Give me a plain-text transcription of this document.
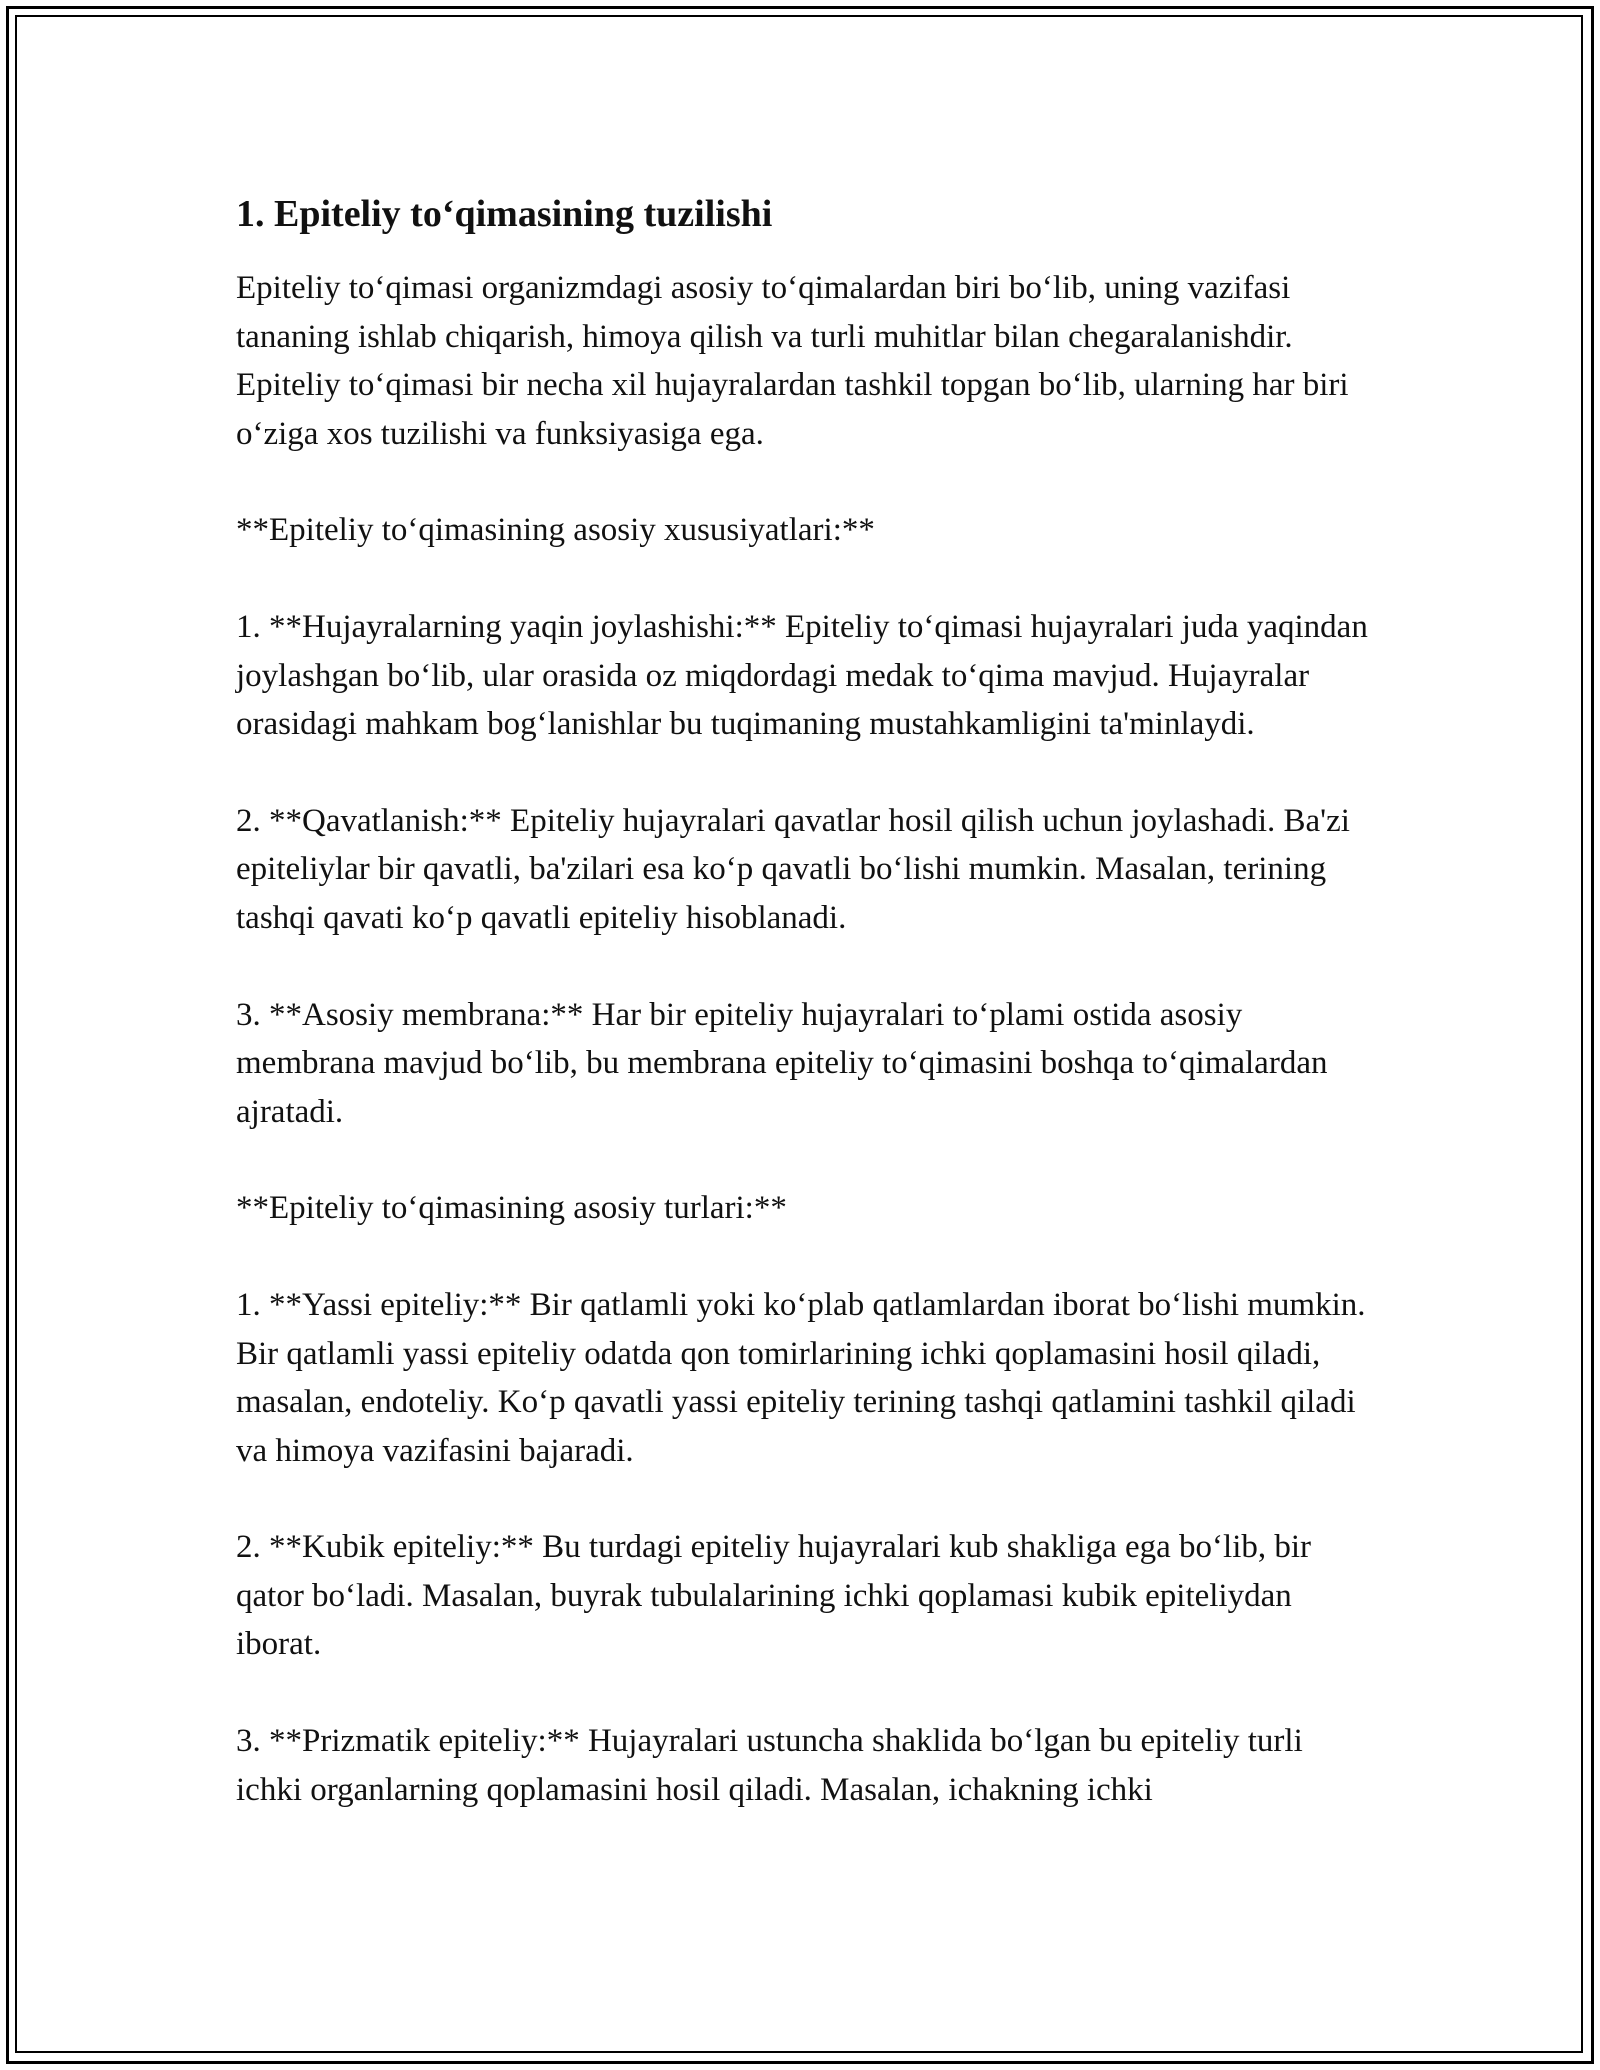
1. Epiteliy to‘qimasining tuzilishi

Epiteliy to‘qimasi organizmdagi asosiy to‘qimalardan biri bo‘lib, uning vazifasi tananing ishlab chiqarish, himoya qilish va turli muhitlar bilan chegaralanishdir. Epiteliy to‘qimasi bir necha xil hujayralardan tashkil topgan bo‘lib, ularning har biri o‘ziga xos tuzilishi va funksiyasiga ega.

**Epiteliy to‘qimasining asosiy xususiyatlari:**

1. **Hujayralarning yaqin joylashishi:** Epiteliy to‘qimasi hujayralari juda yaqindan joylashgan bo‘lib, ular orasida oz miqdordagi medak to‘qima mavjud. Hujayralar orasidagi mahkam bog‘lanishlar bu tuqimaning mustahkamligini ta'minlaydi.

2. **Qavatlanish:** Epiteliy hujayralari qavatlar hosil qilish uchun joylashadi. Ba'zi epiteliylar bir qavatli, ba'zilari esa ko‘p qavatli bo‘lishi mumkin. Masalan, terining tashqi qavati ko‘p qavatli epiteliy hisoblanadi.

3. **Asosiy membrana:** Har bir epiteliy hujayralari to‘plami ostida asosiy membrana mavjud bo‘lib, bu membrana epiteliy to‘qimasini boshqa to‘qimalardan ajratadi.

**Epiteliy to‘qimasining asosiy turlari:**

1. **Yassi epiteliy:** Bir qatlamli yoki ko‘plab qatlamlardan iborat bo‘lishi mumkin. Bir qatlamli yassi epiteliy odatda qon tomirlarining ichki qoplamasini hosil qiladi, masalan, endoteliy. Ko‘p qavatli yassi epiteliy terining tashqi qatlamini tashkil qiladi va himoya vazifasini bajaradi.

2. **Kubik epiteliy:** Bu turdagi epiteliy hujayralari kub shakliga ega bo‘lib, bir qator bo‘ladi. Masalan, buyrak tubulalarining ichki qoplamasi kubik epiteliydan iborat.

3. **Prizmatik epiteliy:** Hujayralari ustuncha shaklida bo‘lgan bu epiteliy turli ichki organlarning qoplamasini hosil qiladi. Masalan, ichakning ichki
